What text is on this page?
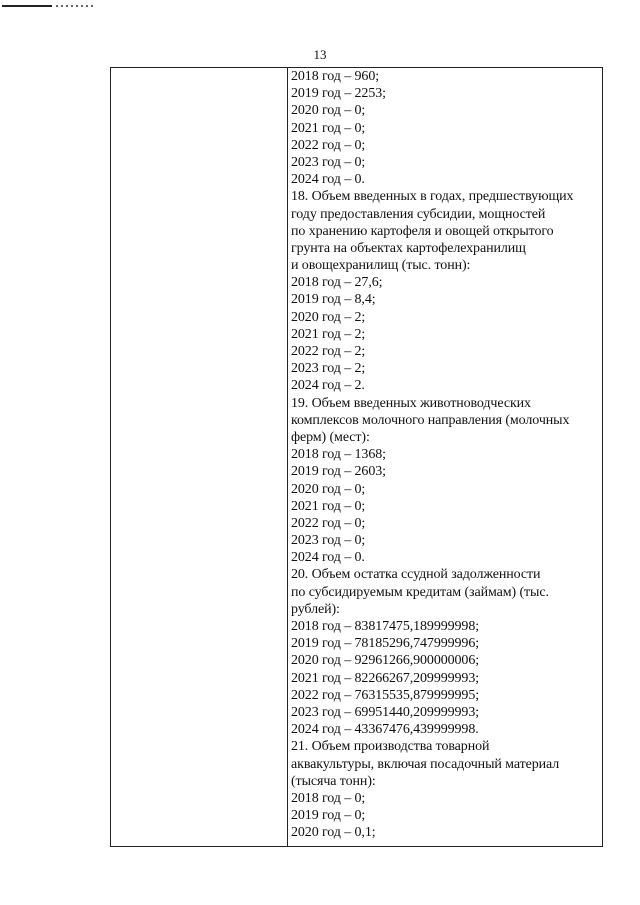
13
2018 год – 960;
2019 год – 2253;
2020 год – 0;
2021 год – 0;
2022 год – 0;
2023 год – 0;
2024 год – 0.
18. Объем введенных в годах, предшествующих
году предоставления субсидии, мощностей
по хранению картофеля и овощей открытого
грунта на объектах картофелехранилищ
и овощехранилищ (тыс. тонн):
2018 год – 27,6;
2019 год – 8,4;
2020 год – 2;
2021 год – 2;
2022 год – 2;
2023 год – 2;
2024 год – 2.
19. Объем введенных животноводческих
комплексов молочного направления (молочных
ферм) (мест):
2018 год – 1368;
2019 год – 2603;
2020 год – 0;
2021 год – 0;
2022 год – 0;
2023 год – 0;
2024 год – 0.
20. Объем остатка ссудной задолженности
по субсидируемым кредитам (займам) (тыс.
рублей):
2018 год – 83817475,189999998;
2019 год – 78185296,747999996;
2020 год – 92961266,900000006;
2021 год – 82266267,209999993;
2022 год – 76315535,879999995;
2023 год – 69951440,209999993;
2024 год – 43367476,439999998.
21. Объем производства товарной
аквакультуры, включая посадочный материал
(тысяча тонн):
2018 год – 0;
2019 год – 0;
2020 год – 0,1;
